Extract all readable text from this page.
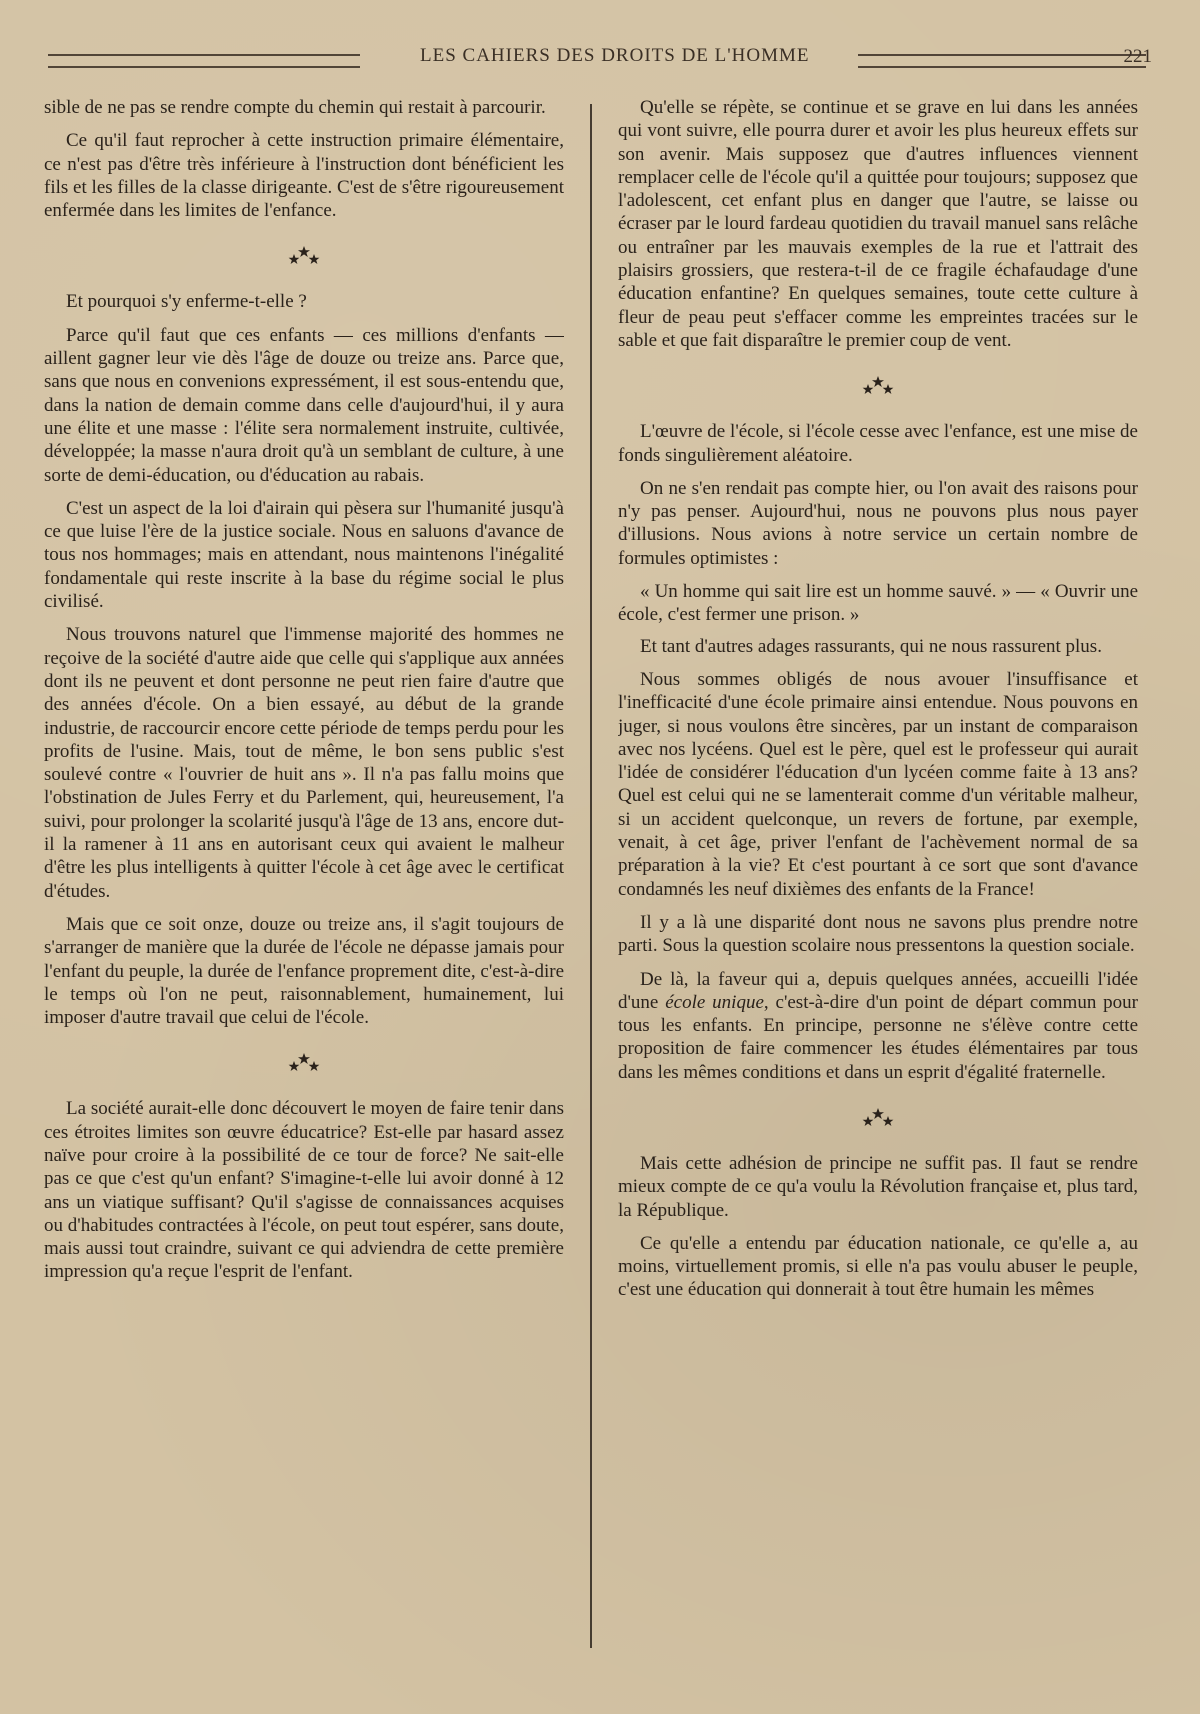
LES CAHIERS DES DROITS DE L'HOMME	221

sible de ne pas se rendre compte du chemin qui restait à parcourir.

Ce qu'il faut reprocher à cette instruction primaire élémentaire, ce n'est pas d'être très inférieure à l'instruction dont bénéficient les fils et les filles de la classe dirigeante. C'est de s'être rigoureusement enfermée dans les limites de l'enfance.

Et pourquoi s'y enferme-t-elle ?

Parce qu'il faut que ces enfants — ces millions d'enfants — aillent gagner leur vie dès l'âge de douze ou treize ans. Parce que, sans que nous en convenions expressément, il est sous-entendu que, dans la nation de demain comme dans celle d'aujourd'hui, il y aura une élite et une masse : l'élite sera normalement instruite, cultivée, développée; la masse n'aura droit qu'à un semblant de culture, à une sorte de demi-éducation, ou d'éducation au rabais.

C'est un aspect de la loi d'airain qui pèsera sur l'humanité jusqu'à ce que luise l'ère de la justice sociale. Nous en saluons d'avance de tous nos hommages; mais en attendant, nous maintenons l'inégalité fondamentale qui reste inscrite à la base du régime social le plus civilisé.

Nous trouvons naturel que l'immense majorité des hommes ne reçoive de la société d'autre aide que celle qui s'applique aux années dont ils ne peuvent et dont personne ne peut rien faire d'autre que des années d'école. On a bien essayé, au début de la grande industrie, de raccourcir encore cette période de temps perdu pour les profits de l'usine. Mais, tout de même, le bon sens public s'est soulevé contre « l'ouvrier de huit ans ». Il n'a pas fallu moins que l'obstination de Jules Ferry et du Parlement, qui, heureusement, l'a suivi, pour prolonger la scolarité jusqu'à l'âge de 13 ans, encore dut-il la ramener à 11 ans en autorisant ceux qui avaient le malheur d'être les plus intelligents à quitter l'école à cet âge avec le certificat d'études.

Mais que ce soit onze, douze ou treize ans, il s'agit toujours de s'arranger de manière que la durée de l'école ne dépasse jamais pour l'enfant du peuple, la durée de l'enfance proprement dite, c'est-à-dire le temps où l'on ne peut, raisonnablement, humainement, lui imposer d'autre travail que celui de l'école.

La société aurait-elle donc découvert le moyen de faire tenir dans ces étroites limites son œuvre éducatrice? Est-elle par hasard assez naïve pour croire à la possibilité de ce tour de force? Ne sait-elle pas ce que c'est qu'un enfant? S'imagine-t-elle lui avoir donné à 12 ans un viatique suffisant? Qu'il s'agisse de connaissances acquises ou d'habitudes contractées à l'école, on peut tout espérer, sans doute, mais aussi tout craindre, suivant ce qui adviendra de cette première impression qu'a reçue l'esprit de l'enfant.

Qu'elle se répète, se continue et se grave en lui dans les années qui vont suivre, elle pourra durer et avoir les plus heureux effets sur son avenir. Mais supposez que d'autres influences viennent remplacer celle de l'école qu'il a quittée pour toujours; supposez que l'adolescent, cet enfant plus en danger que l'autre, se laisse ou écraser par le lourd fardeau quotidien du travail manuel sans relâche ou entraîner par les mauvais exemples de la rue et l'attrait des plaisirs grossiers, que restera-t-il de ce fragile échafaudage d'une éducation enfantine? En quelques semaines, toute cette culture à fleur de peau peut s'effacer comme les empreintes tracées sur le sable et que fait disparaître le premier coup de vent.

L'œuvre de l'école, si l'école cesse avec l'enfance, est une mise de fonds singulièrement aléatoire.

On ne s'en rendait pas compte hier, ou l'on avait des raisons pour n'y pas penser. Aujourd'hui, nous ne pouvons plus nous payer d'illusions. Nous avions à notre service un certain nombre de formules optimistes :

« Un homme qui sait lire est un homme sauvé. » — « Ouvrir une école, c'est fermer une prison. »

Et tant d'autres adages rassurants, qui ne nous rassurent plus.

Nous sommes obligés de nous avouer l'insuffisance et l'inefficacité d'une école primaire ainsi entendue. Nous pouvons en juger, si nous voulons être sincères, par un instant de comparaison avec nos lycéens. Quel est le père, quel est le professeur qui aurait l'idée de considérer l'éducation d'un lycéen comme faite à 13 ans? Quel est celui qui ne se lamenterait comme d'un véritable malheur, si un accident quelconque, un revers de fortune, par exemple, venait, à cet âge, priver l'enfant de l'achèvement normal de sa préparation à la vie? Et c'est pourtant à ce sort que sont d'avance condamnés les neuf dixièmes des enfants de la France!

Il y a là une disparité dont nous ne savons plus prendre notre parti. Sous la question scolaire nous pressentons la question sociale.

De là, la faveur qui a, depuis quelques années, accueilli l'idée d'une école unique, c'est-à-dire d'un point de départ commun pour tous les enfants. En principe, personne ne s'élève contre cette proposition de faire commencer les études élémentaires par tous dans les mêmes conditions et dans un esprit d'égalité fraternelle.

Mais cette adhésion de principe ne suffit pas. Il faut se rendre mieux compte de ce qu'a voulu la Révolution française et, plus tard, la République.

Ce qu'elle a entendu par éducation nationale, ce qu'elle a, au moins, virtuellement promis, si elle n'a pas voulu abuser le peuple, c'est une éducation qui donnerait à tout être humain les mêmes
